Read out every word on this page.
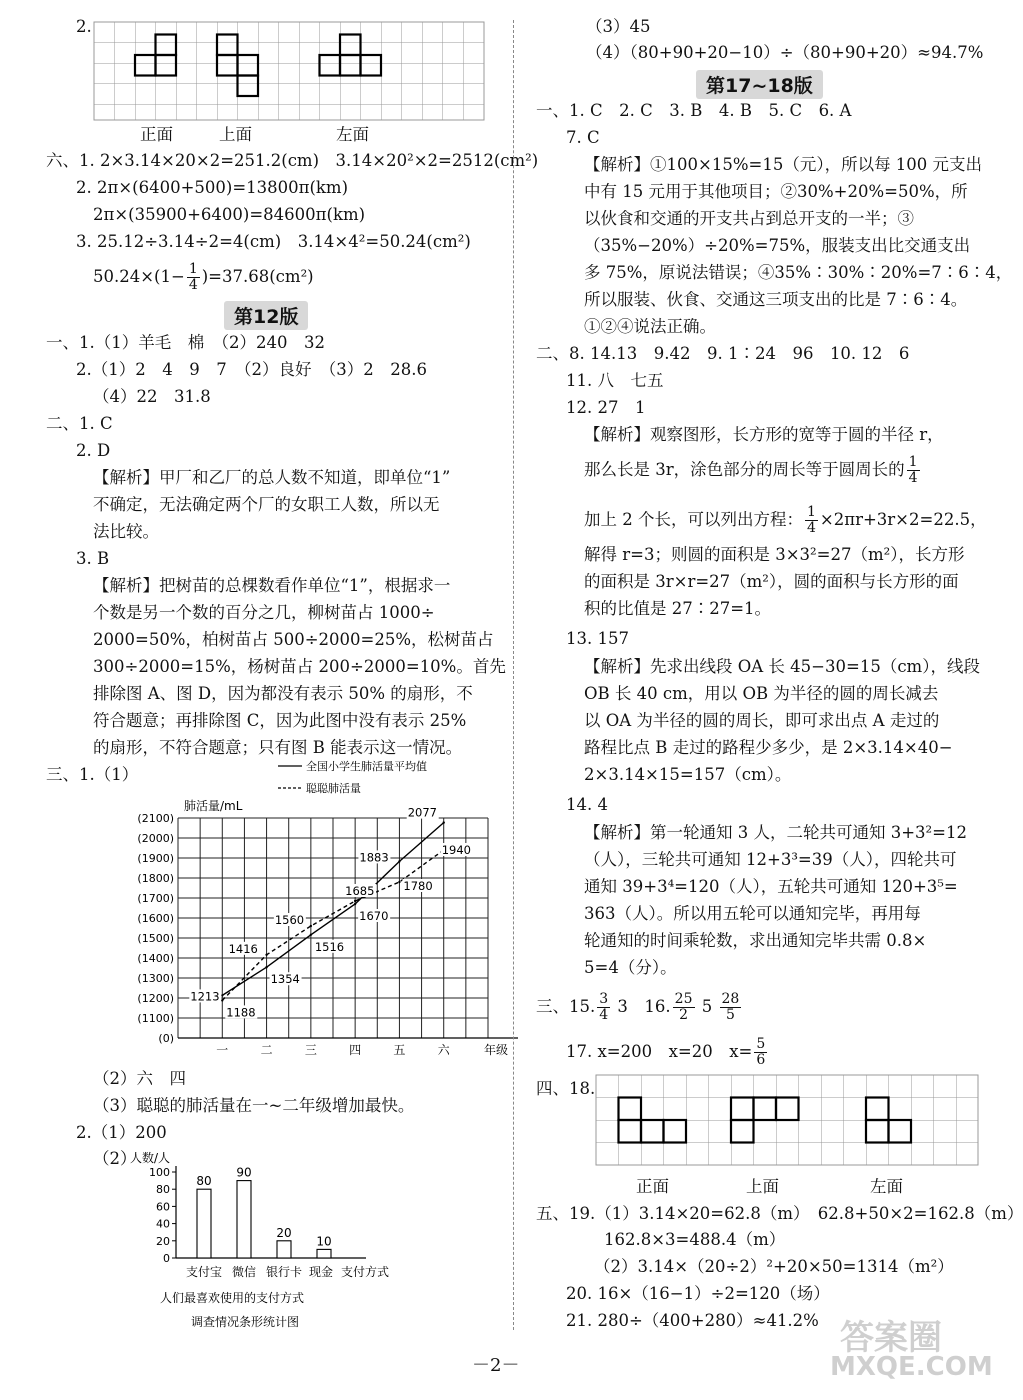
2.
正面	上面	左面
六、1. 2×3.14×20×2=251.2(cm)　3.14×20²×2=2512(cm²)
2. 2π×(6400+500)=13800π(km)
2π×(35900+6400)=84600π(km)
3. 25.12÷3.14÷2=4(cm)　3.14×4²=50.24(cm²)
$50.24\times(1- \frac{1}{4} )=37.68(cm^2)$
第12版
一、1.（1）羊毛　棉　（2）240　32
2.（1）2　4　9　7　（2）良好　（3）2　28.6
（4）22　31.8
二、1. C
2. D
【解析】甲厂和乙厂的总人数不知道，即单位“1”
不确定，无法确定两个厂的女职工人数，所以无
法比较。
3. B
【解析】把树苗的总棵数看作单位“1”，根据求一
个数是另一个数的百分之几，柳树苗占 1000÷
2000=50%，柏树苗占 500÷2000=25%，松树苗占
300÷2000=15%，杨树苗占 200÷2000=10%。首先
排除图 A、图 D，因为都没有表示 50% 的扇形，不
符合题意；再排除图 C，因为此图中没有表示 25%
的扇形，不符合题意；只有图 B 能表示这一情况。
三、1.（1）
(2100)
(2000)
(1900)
(1800)
(1700)
(1600)
(1500)
(1400)
(1300)
(1200)
(1100)
(0)
肺活量/mL
一	二	三	四	五	六	年级
全国小学生肺活量平均值
聪聪肺活量
1213
1354
1516
1670
1883
2077
1188
1416
1560
1685	1780
1940
（2）六　四
（3）聪聪的肺活量在一~二年级增加最快。
2.（1）200
（2）
人数/人
0
20
40
60
80
100
80
90
20
10
支付宝 微信 银行卡 现金 支付方式
人们最喜欢使用的支付方式
调查情况条形统计图
（3）45
（4）（80+90+20−10）÷（80+90+20）≈94.7%
第17~18版
一、1. C　2. C　3. B　4. B　5. C　6. A
7. C
【解析】①100×15%=15（元），所以每 100 元支出
中有 15 元用于其他项目；②30%+20%=50%，所
以伙食和交通的开支共占到总开支的一半；③
（35%−20%）÷20%=75%，服装支出比交通支出
多 75%，原说法错误；④35%∶30%∶20%=7∶6∶4，
所以服装、伙食、交通这三项支出的比是 7∶6∶4。
①②④说法正确。
二、8. 14.13　9.42　9. 1∶24　96　10. 12　6
11. 八　七五
12. 27　1
【解析】观察图形，长方形的宽等于圆的半径 r，
那么长是 3r，涂色部分的周长等于圆周长的 $\frac{1}{4}$
加上 2 个长，可以列出方程： $\frac{1}{4} \times 2\pi r+3r\times 2=22.5$，
解得 r=3；则圆的面积是 3×3²=27（m²），长方形
的面积是 3r×r=27（m²），圆的面积与长方形的面
积的比值是 27∶27=1。
13. 157
【解析】先求出线段 OA 长 45−30=15（cm），线段
OB 长 40 cm，用以 OB 为半径的圆的周长减去
以 OA 为半径的圆的周长，即可求出点 A 走过的
路程比点 B 走过的路程少多少，是 2×3.14×40−
2×3.14×15=157（cm）。
14. 4
【解析】第一轮通知 3 人，二轮共可通知 3+3²=12
（人），三轮共可通知 12+3³=39（人），四轮共可
通知 39+3⁴=120（人），五轮共可通知 120+3⁵=
363（人）。所以用五轮可以通知完毕，再用每
轮通知的时间乘轮数，求出通知完毕共需 0.8×
5=4（分）。
三、15. $\frac{3}{4} 3$　16. $\frac{25}{2} 5 \frac{28}{5}$
17. x=200　x=20　$x= \frac{5}{6}$
四、18.
正面	上面	左面
五、19.（1）3.14×20=62.8（m）　62.8+50×2=162.8（m）
162.8×3=488.4（m）
（2）3.14×（20÷2）²+20×50=1314（m²）
20. 16×（16−1）÷2=120（场）
21. 280÷（400+280）≈41.2%
－2－
答案圈
MXQE.COM
